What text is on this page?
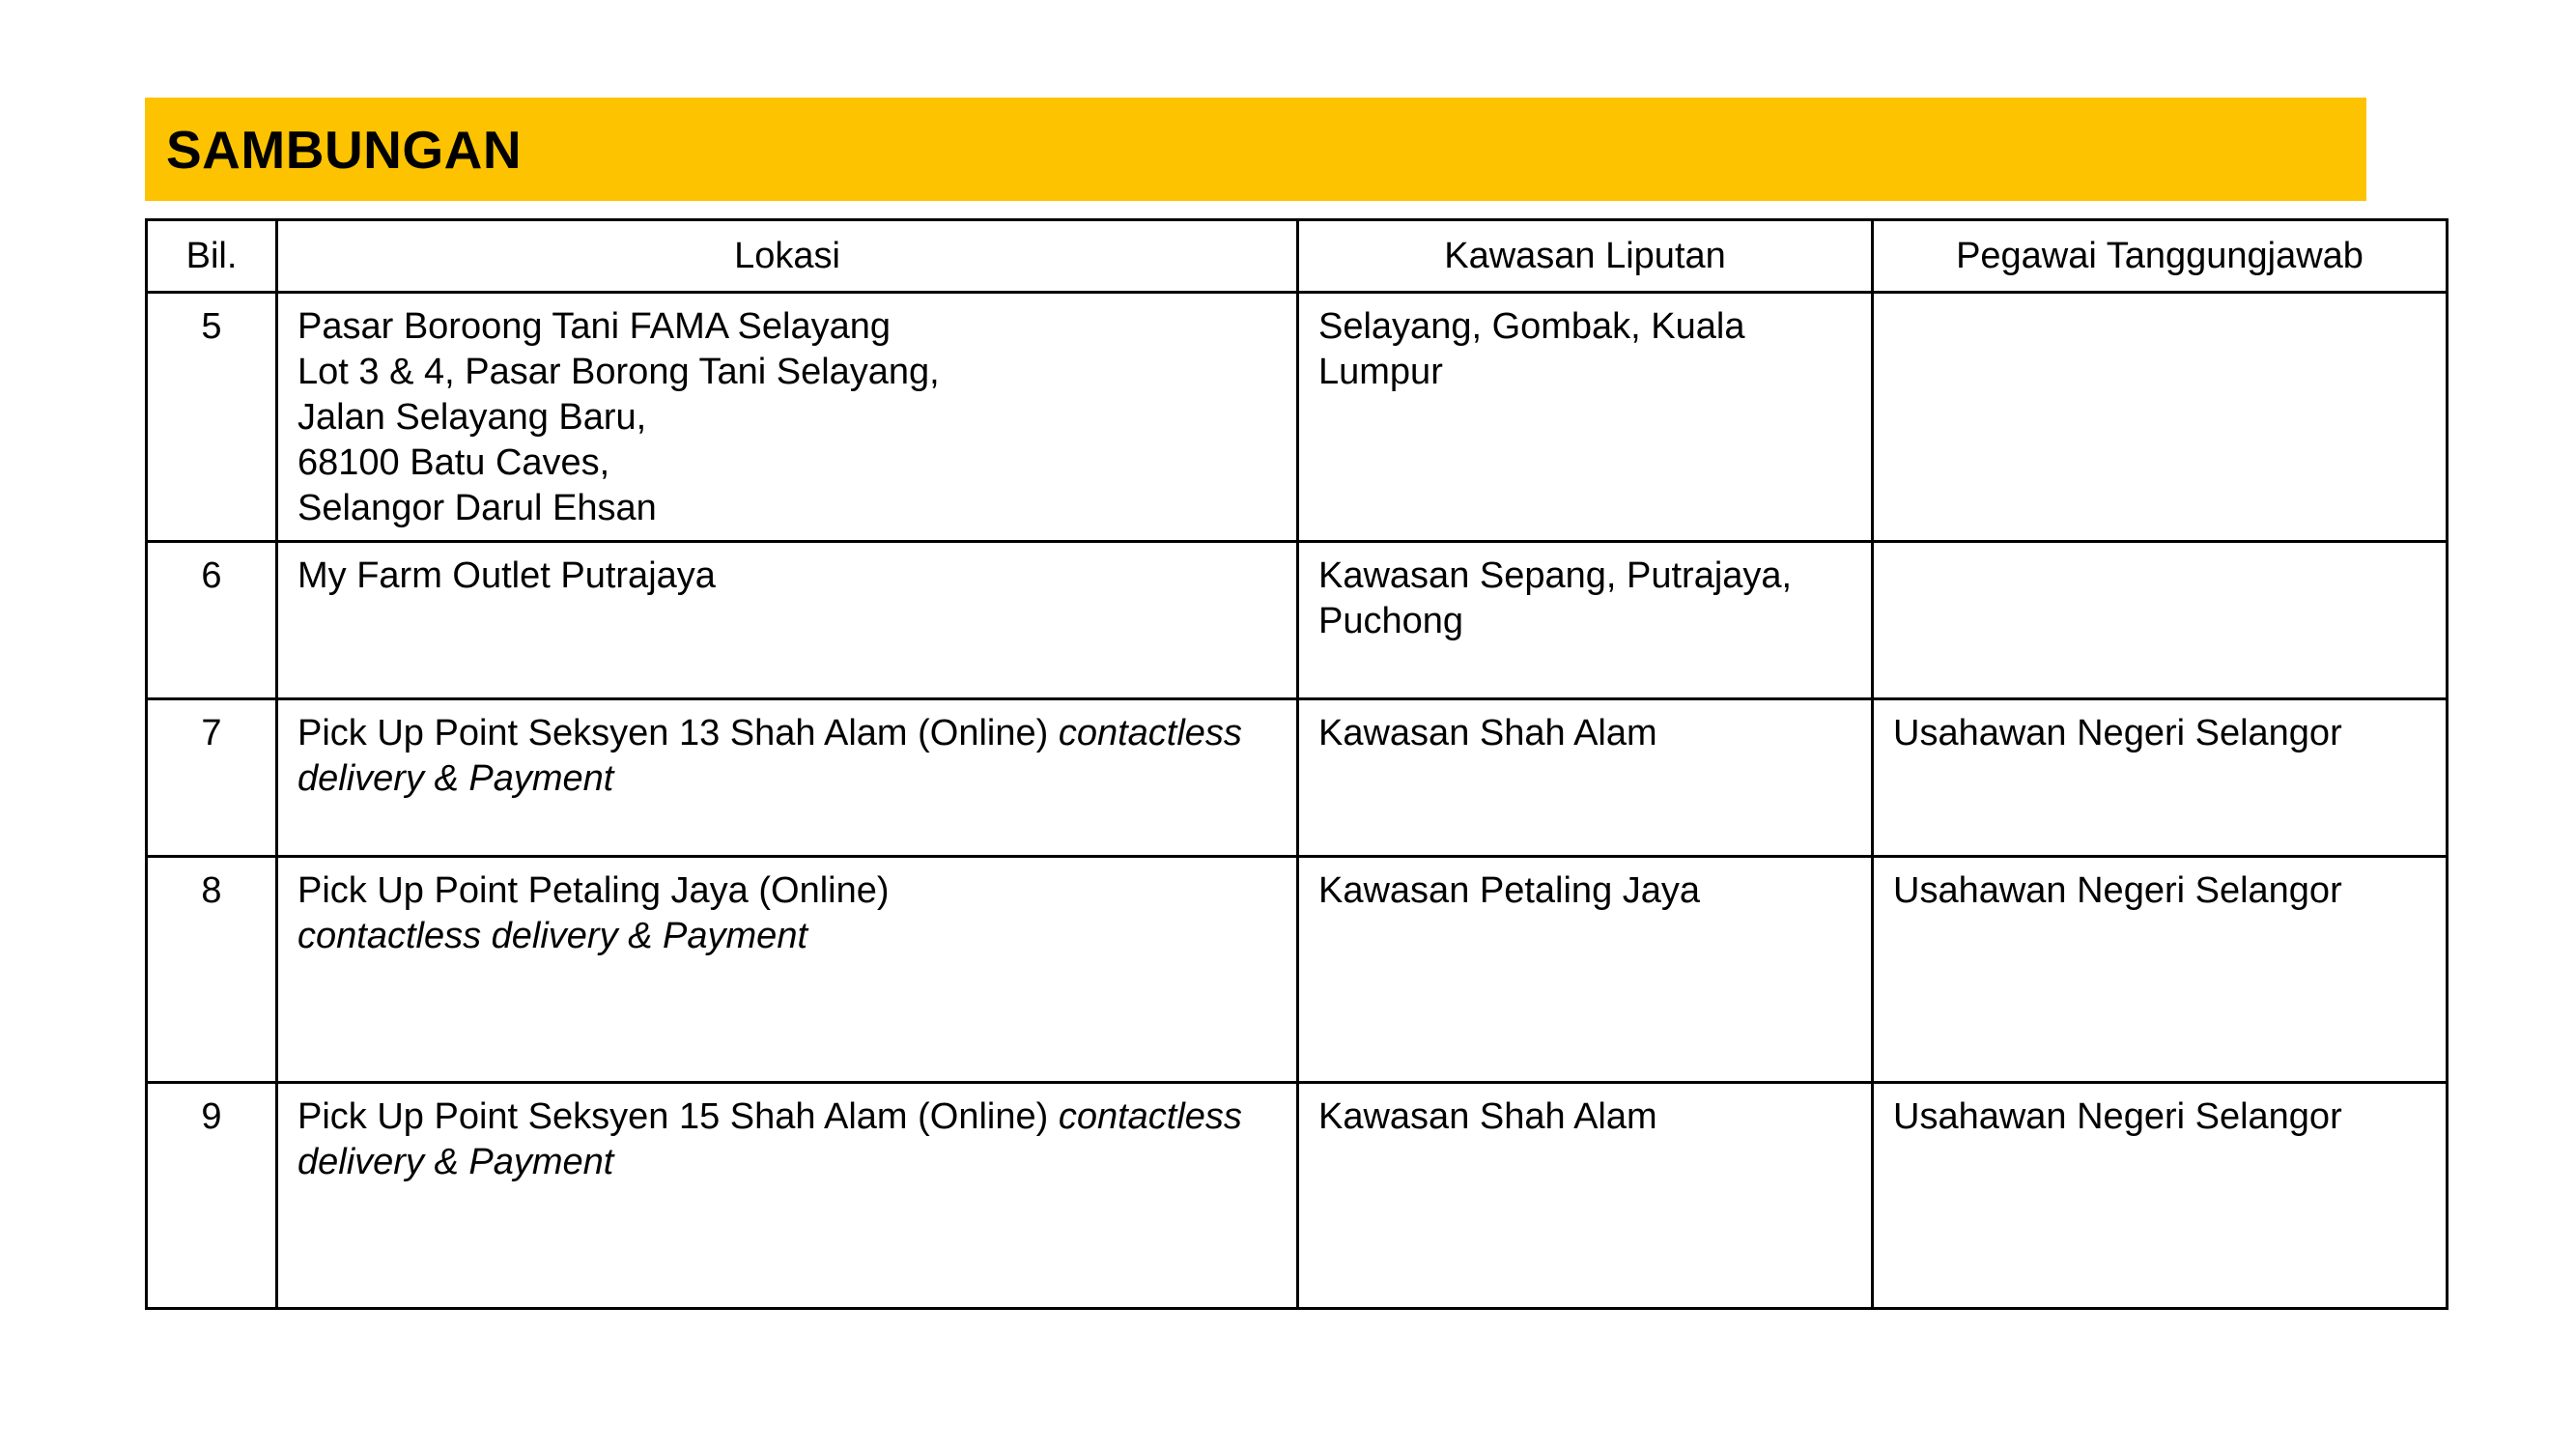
SAMBUNGAN
Bil.	Lokasi	Kawasan Liputan	Pegawai Tanggungjawab
5	Pasar Boroong Tani FAMA Selayang
Lot 3 & 4, Pasar Borong Tani Selayang,
Jalan Selayang Baru,
68100 Batu Caves,
Selangor Darul Ehsan	Selayang, Gombak, Kuala Lumpur	
6	My Farm Outlet Putrajaya	Kawasan Sepang, Putrajaya, Puchong	
7	Pick Up Point Seksyen 13 Shah Alam (Online) contactless delivery & Payment	Kawasan Shah Alam	Usahawan Negeri Selangor
8	Pick Up Point Petaling Jaya (Online)
contactless delivery & Payment	Kawasan Petaling Jaya	Usahawan Negeri Selangor
9	Pick Up Point Seksyen 15 Shah Alam (Online) contactless delivery & Payment	Kawasan Shah Alam	Usahawan Negeri Selangor
